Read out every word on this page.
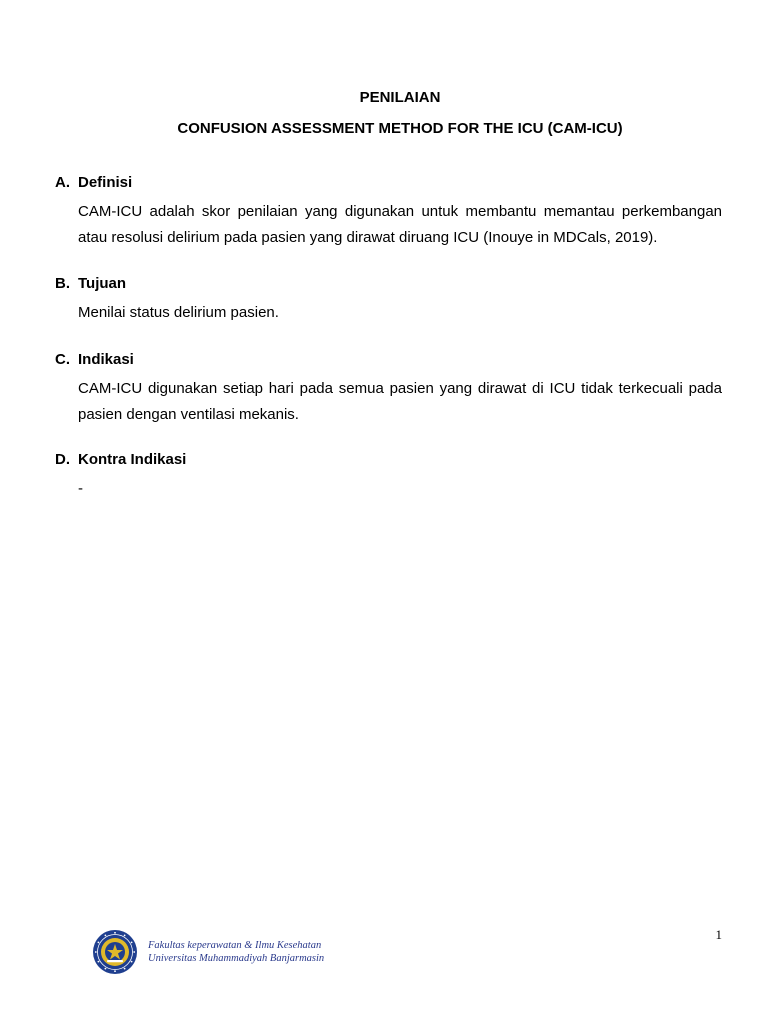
PENILAIAN
CONFUSION ASSESSMENT METHOD FOR THE ICU (CAM-ICU)
A. Definisi
CAM-ICU adalah skor penilaian yang digunakan untuk membantu memantau perkembangan atau resolusi delirium pada pasien yang dirawat diruang ICU (Inouye in MDCals, 2019).
B. Tujuan
Menilai status delirium pasien.
C. Indikasi
CAM-ICU digunakan setiap hari pada semua pasien yang dirawat di ICU tidak terkecuali pada pasien dengan ventilasi mekanis.
D. Kontra Indikasi
-
1
Fakultas keperawatan & Ilmu Kesehatan
Universitas Muhammadiyah Banjarmasin
